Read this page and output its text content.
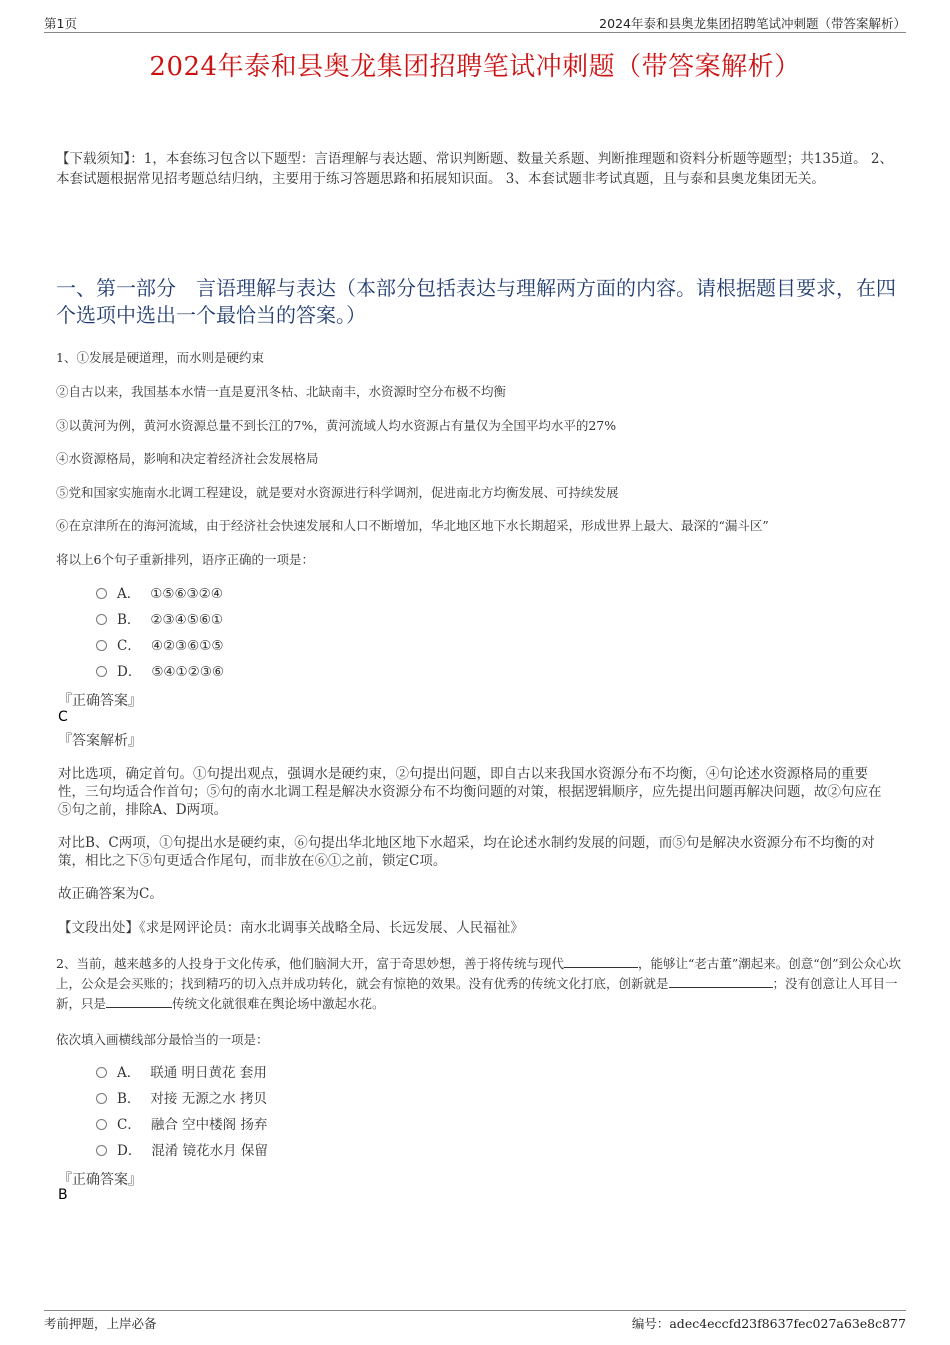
第1页	2024年泰和县奥龙集团招聘笔试冲刺题（带答案解析）
2024年泰和县奥龙集团招聘笔试冲刺题（带答案解析）
【下载须知】：1，本套练习包含以下题型：言语理解与表达题、常识判断题、数量关系题、判断推理题和资料分析题等题型；共135道。 2、本套试题根据常见招考题总结归纳，主要用于练习答题思路和拓展知识面。 3、本套试题非考试真题，且与泰和县奥龙集团无关。
一、第一部分　言语理解与表达（本部分包括表达与理解两方面的内容。请根据题目要求，在四个选项中选出一个最恰当的答案。）
1、①发展是硬道理，而水则是硬约束
②自古以来，我国基本水情一直是夏汛冬枯、北缺南丰，水资源时空分布极不均衡
③以黄河为例，黄河水资源总量不到长江的7%，黄河流域人均水资源占有量仅为全国平均水平的27%
④水资源格局，影响和决定着经济社会发展格局
⑤党和国家实施南水北调工程建设，就是要对水资源进行科学调剂，促进南北方均衡发展、可持续发展
⑥在京津所在的海河流域，由于经济社会快速发展和人口不断增加，华北地区地下水长期超采，形成世界上最大、最深的“漏斗区”
将以上6个句子重新排列，语序正确的一项是：
A． ①⑤⑥③②④
B． ②③④⑤⑥①
C． ④②③⑥①⑤
D． ⑤④①②③⑥
『正确答案』
C
『答案解析』
对比选项，确定首句。①句提出观点，强调水是硬约束，②句提出问题，即自古以来我国水资源分布不均衡，④句论述水资源格局的重要性，三句均适合作首句；⑤句的南水北调工程是解决水资源分布不均衡问题的对策，根据逻辑顺序，应先提出问题再解决问题，故②句应在⑤句之前，排除A、D两项。
对比B、C两项，①句提出水是硬约束，⑥句提出华北地区地下水超采，均在论述水制约发展的问题，而⑤句是解决水资源分布不均衡的对策，相比之下⑤句更适合作尾句，而非放在⑥①之前，锁定C项。
故正确答案为C。
【文段出处】《求是网评论员：南水北调事关战略全局、长远发展、人民福祉》
2、当前，越来越多的人投身于文化传承，他们脑洞大开，富于奇思妙想，善于将传统与现代	，能够让“老古董”潮起来。创意“创”到公众心坎上，公众是会买账的；找到精巧的切入点并成功转化，就会有惊艳的效果。没有优秀的传统文化打底，创新就是	；没有创意让人耳目一新，只是	传统文化就很难在舆论场中激起水花。
依次填入画横线部分最恰当的一项是：
A． 联通 明日黄花 套用
B． 对接 无源之水 拷贝
C． 融合 空中楼阁 扬弃
D． 混淆 镜花水月 保留
『正确答案』
B
考前押题，上岸必备	编号：adec4eccfd23f8637fec027a63e8c877
